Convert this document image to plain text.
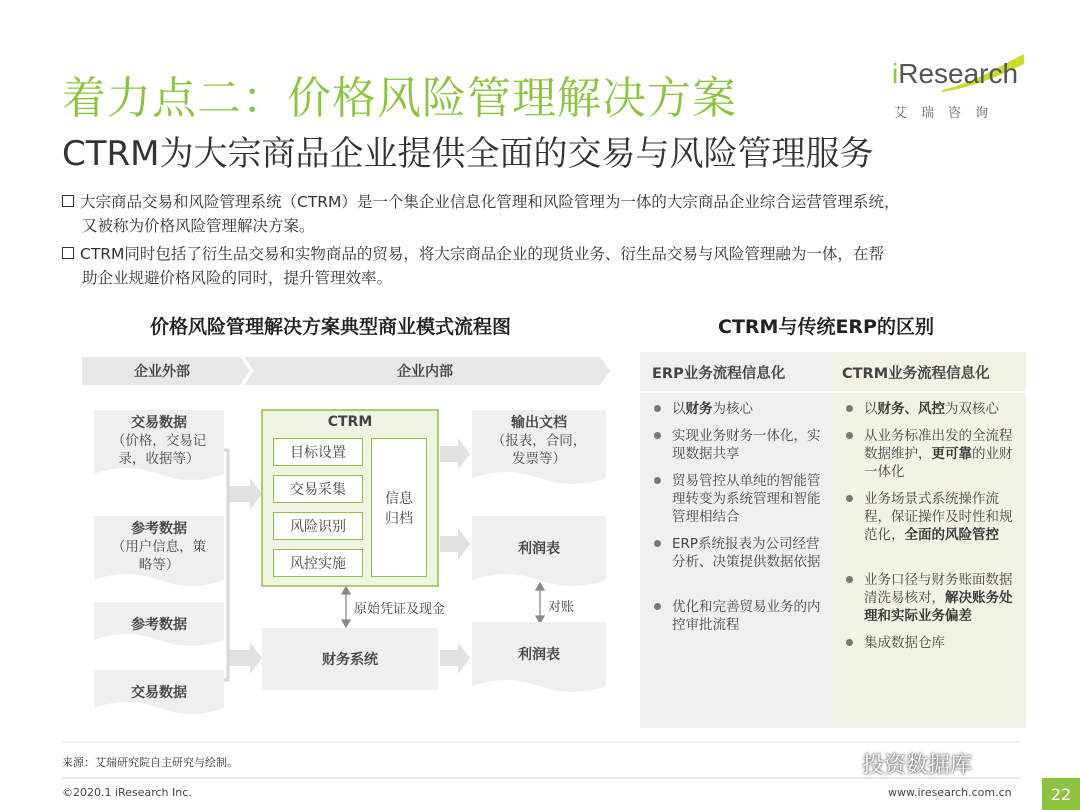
着力点二：价格风险管理解决方案
CTRM为大宗商品企业提供全面的交易与风险管理服务
iResearch
艾瑞咨询
大宗商品交易和风险管理系统（CTRM）是一个集企业信息化管理和风险管理为一体的大宗商品企业综合运营管理系统，
又被称为价格风险管理解决方案。
CTRM同时包括了衍生品交易和实物商品的贸易，将大宗商品企业的现货业务、衍生品交易与风险管理融为一体，在帮
助企业规避价格风险的同时，提升管理效率。
价格风险管理解决方案典型商业模式流程图
企业外部	企业内部
交易数据
（价格，交易记
录，收据等）
参考数据
（用户信息，策
略等）
参考数据
交易数据
CTRM
目标设置
交易采集
风险识别
风控实施
信息
归档
原始凭证及现金	对账
财务系统
输出文档
（报表，合同，
发票等）
利润表
利润表
CTRM与传统ERP的区别
ERP业务流程信息化	CTRM业务流程信息化
以财务为核心
实现业务财务一体化，实现数据共享
贸易管控从单纯的智能管理转变为系统管理和智能管理相结合
ERP系统报表为公司经营分析、决策提供数据依据
优化和完善贸易业务的内控审批流程
以财务、风控为双核心
从业务标准出发的全流程数据维护，更可靠的业财一体化
业务场景式系统操作流程，保证操作及时性和规范化，全面的风险管控
业务口径与财务账面数据清洗易核对，解决账务处理和实际业务偏差
集成数据仓库
来源：艾瑞研究院自主研究与绘制。
©2020.1 iResearch Inc.	www.iresearch.com.cn
投资数据库
22
